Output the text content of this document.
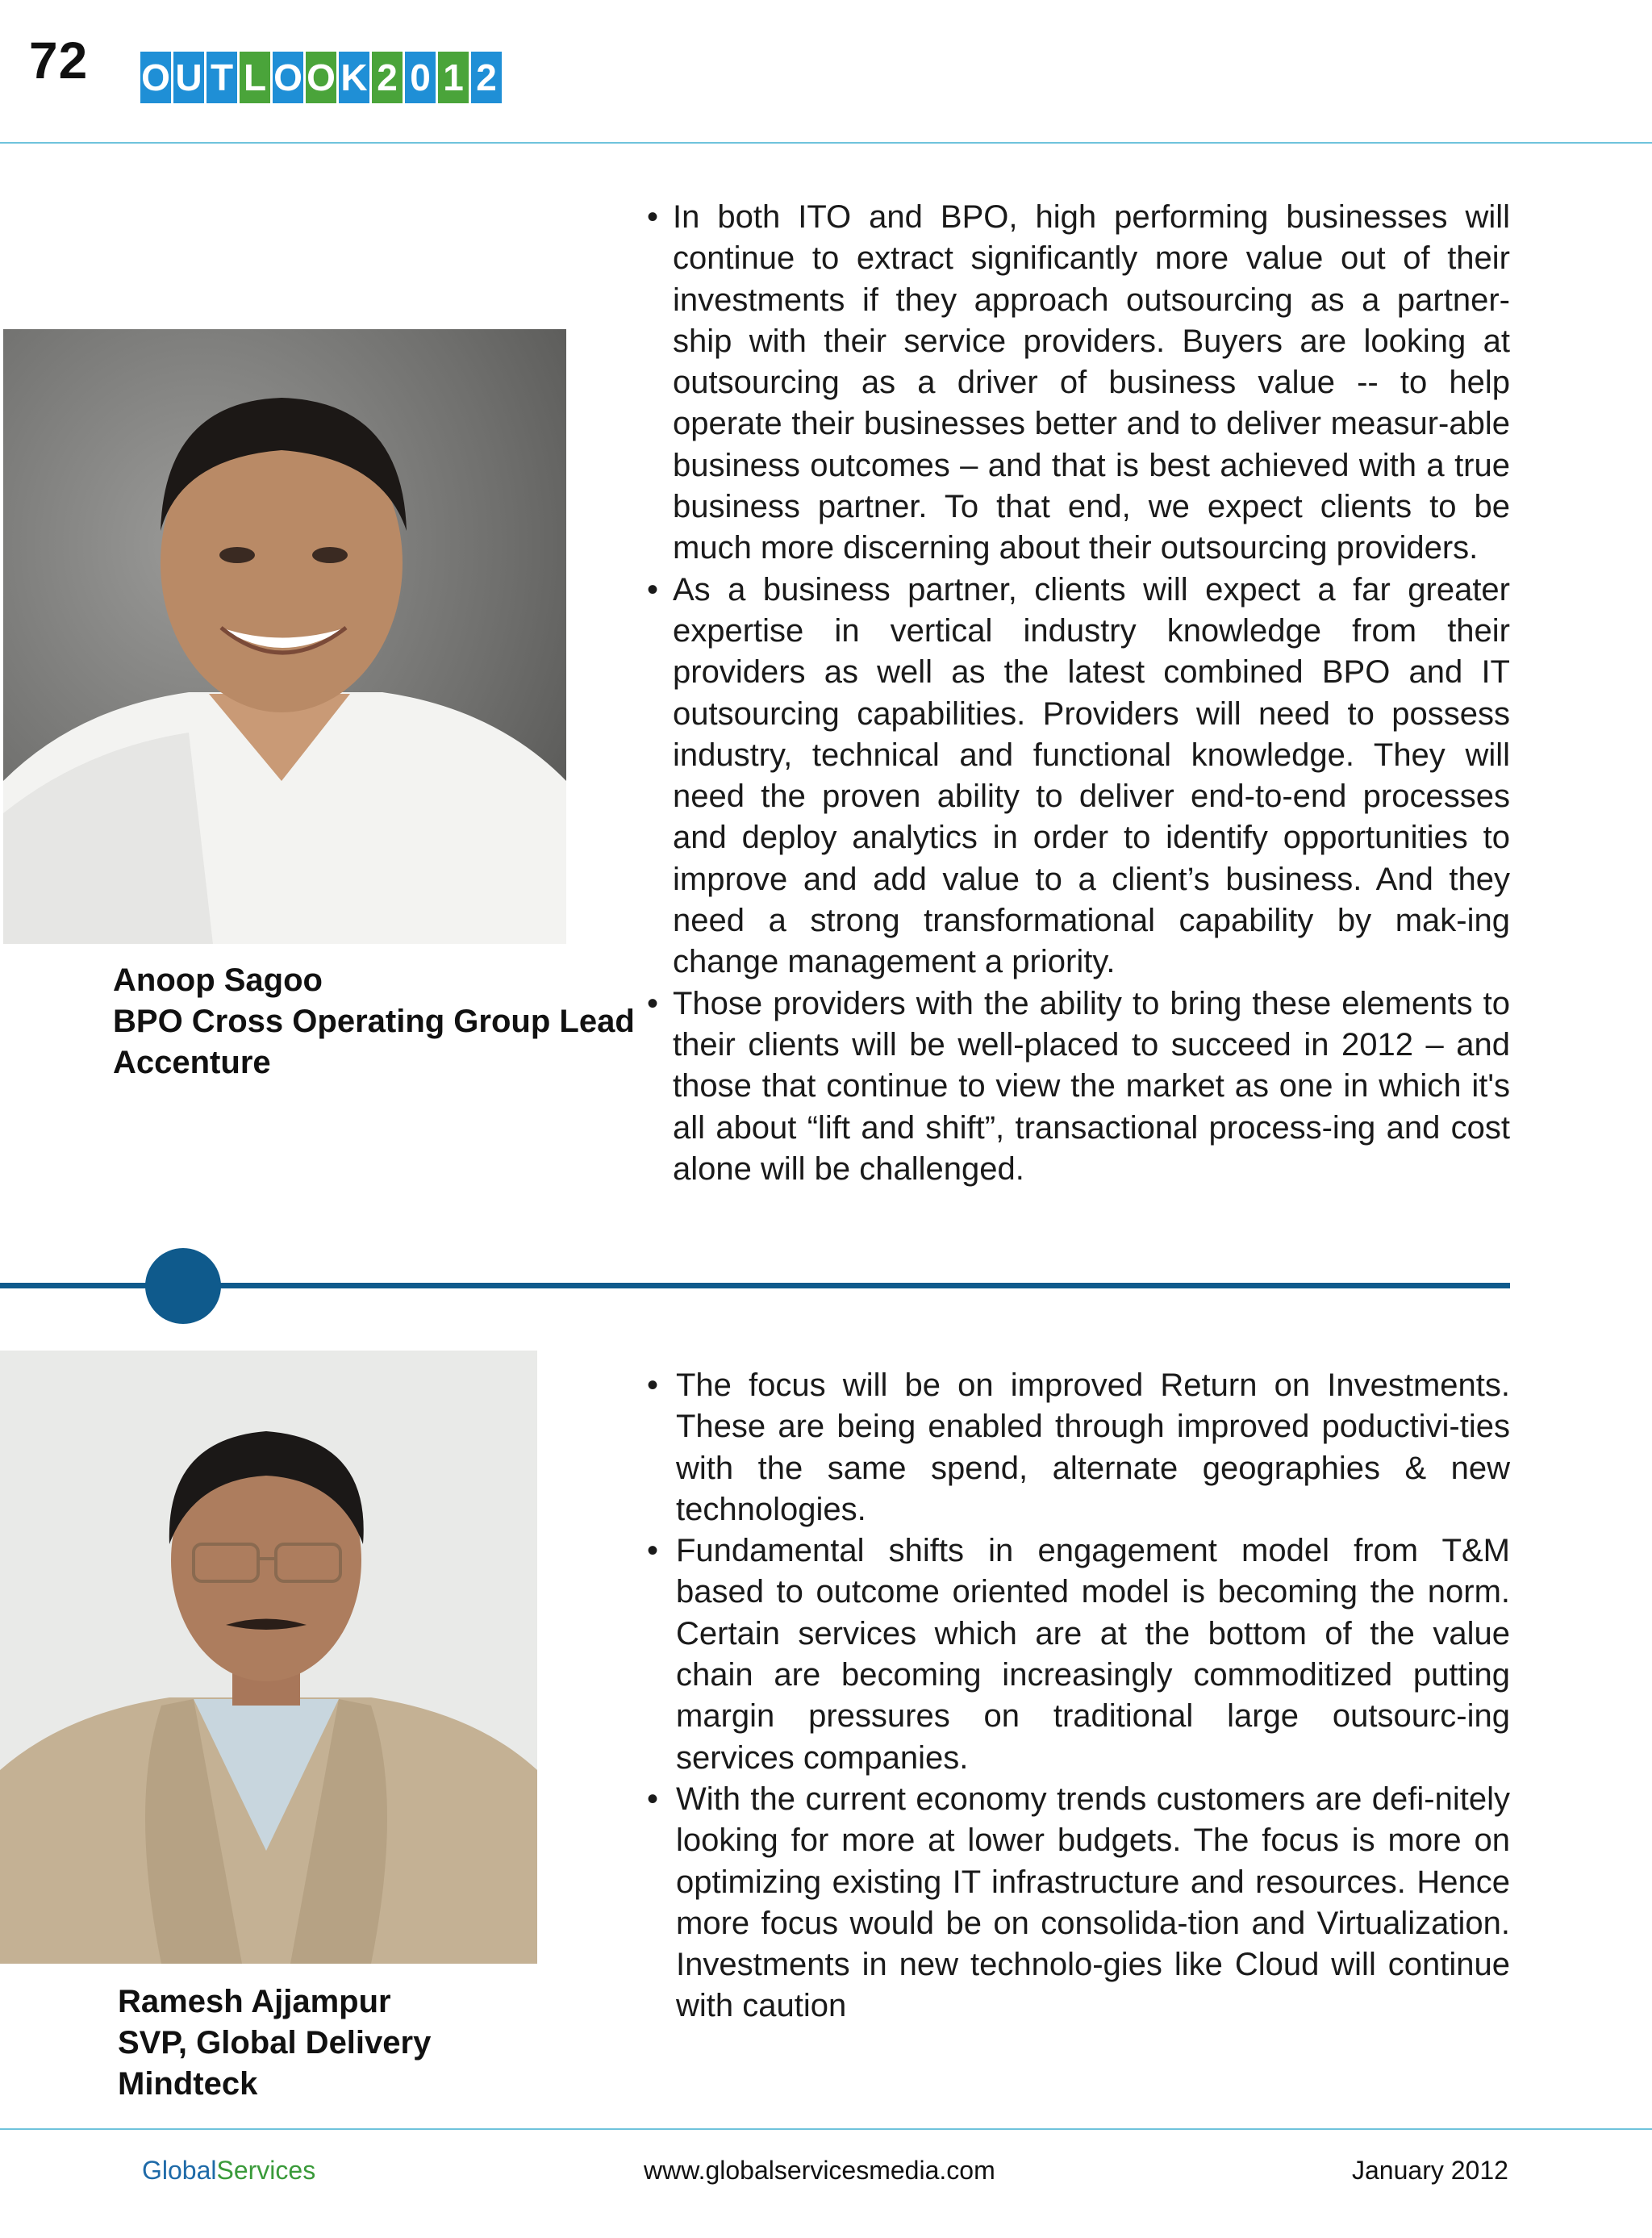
72 O U T L O O K 2 0 1 2
Anoop Sagoo
BPO Cross Operating Group Lead
Accenture
• In both ITO and BPO, high performing businesses will continue to extract significantly more value out of their investments if they approach outsourcing as a partner-ship with their service providers. Buyers are looking at outsourcing as a driver of business value -- to help operate their businesses better and to deliver measur-able business outcomes – and that is best achieved with a true business partner. To that end, we expect clients to be much more discerning about their outsourcing providers.
• As a business partner, clients will expect a far greater expertise in vertical industry knowledge from their providers as well as the latest combined BPO and IT outsourcing capabilities. Providers will need to possess industry, technical and functional knowledge. They will need the proven ability to deliver end-to-end processes and deploy analytics in order to identify opportunities to improve and add value to a client’s business. And they need a strong transformational capability by mak-ing change management a priority.
• Those providers with the ability to bring these elements to their clients will be well-placed to succeed in 2012 – and those that continue to view the market as one in which it's all about “lift and shift”, transactional process-ing and cost alone will be challenged.
Ramesh Ajjampur
SVP, Global Delivery
Mindteck
• The focus will be on improved Return on Investments. These are being enabled through improved poductivi-ties with the same spend, alternate geographies & new technologies.
• Fundamental shifts in engagement model from T&M based to outcome oriented model is becoming the norm. Certain services which are at the bottom of the value chain are becoming increasingly commoditized putting margin pressures on traditional large outsourc-ing services companies.
• With the current economy trends customers are defi-nitely looking for more at lower budgets. The focus is more on optimizing existing IT infrastructure and resources. Hence more focus would be on consolida-tion and Virtualization. Investments in new technolo-gies like Cloud will continue with caution
GlobalServices	www.globalservicesmedia.com	January 2012
